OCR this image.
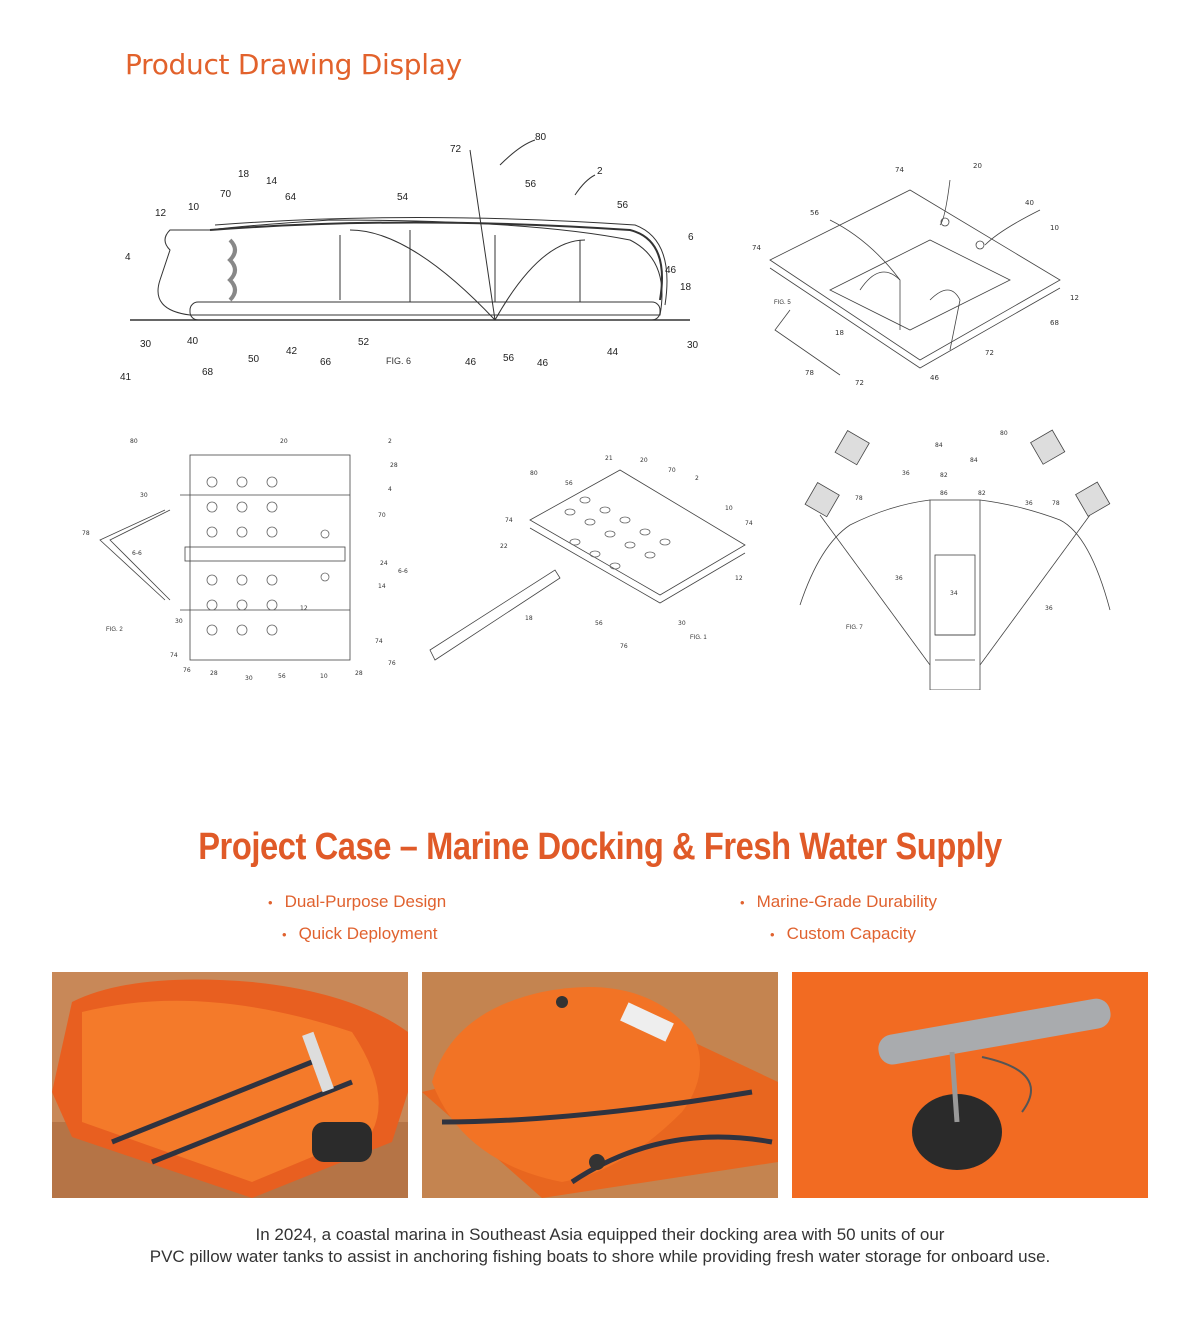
Product Drawing Display
80
72
2
56
56
6
46
18
4
12
10
70
18
14
64	54
30	40
50
42
66
52
46	56 46
44
30
41	68
FIG. 6
74	20
74
40
10
12
68
56
72
72
46
78
18
FIG. 5
80	20	2
28
4
70
30
78
6-6
24
6-6
14
12
30
74
74
76
76	28
30	56	10	28
FIG. 2
80
21	20
70
2
56
10
74
74
22
12
56
76
30
18
FIG. 1
80
84
84
82
86	82
36
36
78
78
36
36
34
FIG. 7
Project Case – Marine Docking & Fresh Water Supply
• Dual-Purpose Design
• Quick Deployment
• Marine-Grade Durability
• Custom Capacity
In 2024, a coastal marina in Southeast Asia equipped their docking area with 50 units of our
PVC pillow water tanks to assist in anchoring fishing boats to shore while providing fresh water storage for onboard use.
